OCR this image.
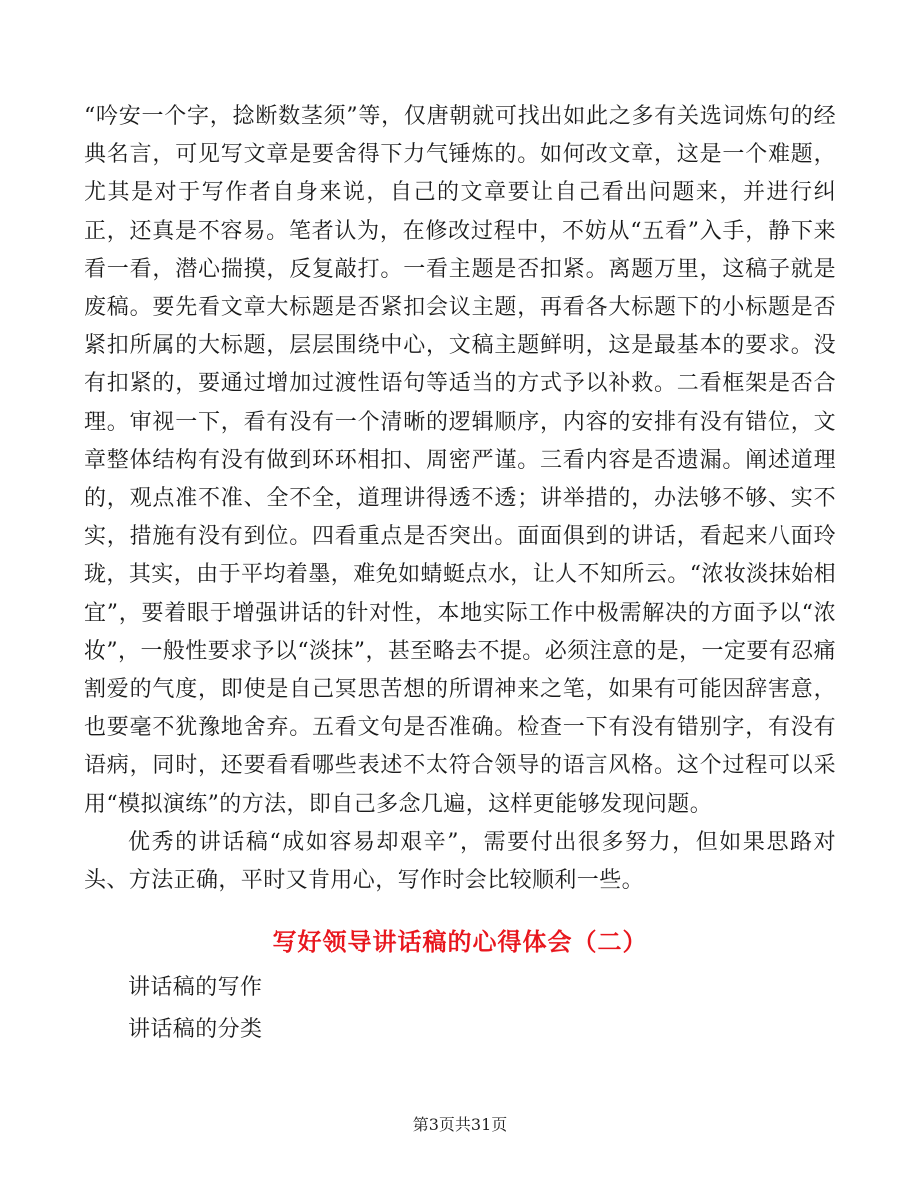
“吟安一个字，捻断数茎须”等，仅唐朝就可找出如此之多有关选词炼句的经典名言，可见写文章是要舍得下力气锤炼的。如何改文章，这是一个难题，尤其是对于写作者自身来说，自己的文章要让自己看出问题来，并进行纠正，还真是不容易。笔者认为，在修改过程中，不妨从“五看”入手，静下来看一看，潜心揣摸，反复敲打。一看主题是否扣紧。离题万里，这稿子就是废稿。要先看文章大标题是否紧扣会议主题，再看各大标题下的小标题是否紧扣所属的大标题，层层围绕中心，文稿主题鲜明，这是最基本的要求。没有扣紧的，要通过增加过渡性语句等适当的方式予以补救。二看框架是否合理。审视一下，看有没有一个清晰的逻辑顺序，内容的安排有没有错位，文章整体结构有没有做到环环相扣、周密严谨。三看内容是否遗漏。阐述道理的，观点准不准、全不全，道理讲得透不透；讲举措的，办法够不够、实不实，措施有没有到位。四看重点是否突出。面面俱到的讲话，看起来八面玲珑，其实，由于平均着墨，难免如蜻蜓点水，让人不知所云。“浓妆淡抹始相宜”，要着眼于增强讲话的针对性，本地实际工作中极需解决的方面予以“浓妆”，一般性要求予以“淡抹”，甚至略去不提。必须注意的是，一定要有忍痛割爱的气度，即使是自己冥思苦想的所谓神来之笔，如果有可能因辞害意，也要毫不犹豫地舍弃。五看文句是否准确。检查一下有没有错别字，有没有语病，同时，还要看看哪些表述不太符合领导的语言风格。这个过程可以采用“模拟演练”的方法，即自己多念几遍，这样更能够发现问题。

优秀的讲话稿“成如容易却艰辛”，需要付出很多努力，但如果思路对头、方法正确，平时又肯用心，写作时会比较顺利一些。

写好领导讲话稿的心得体会（二）

讲话稿的写作

讲话稿的分类

第3页共31页
